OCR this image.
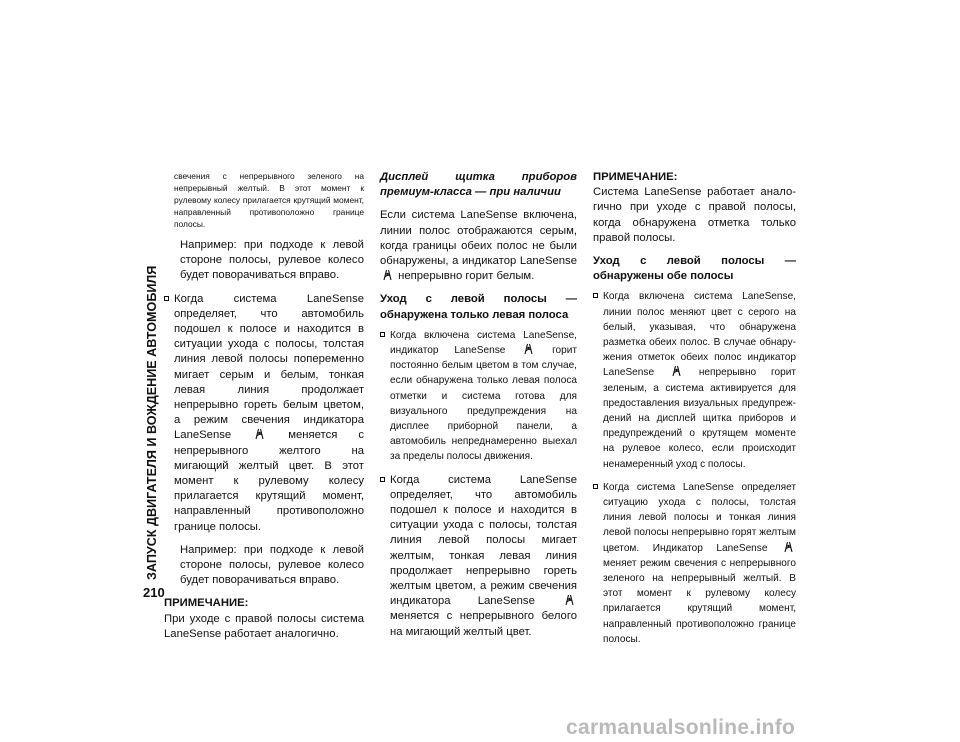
ЗАПУСК ДВИГАТЕЛЯ И ВОЖДЕНИЕ АВТОМОБИЛЯ
210

свечения с непрерывного зеленого на непрерывный желтый. В этот момент к рулевому колесу прилагается крутящий момент, направленный противоположно границе полосы.

Например: при подходе к левой стороне полосы, рулевое колесо будет поворачиваться вправо.

Когда система LaneSense определяет, что автомобиль подошел к полосе и находится в ситуации ухода с полосы, толстая линия левой полосы попеременно мигает серым и белым, тонкая левая линия продолжает непрерывно гореть белым цветом, а режим свечения индикатора LaneSense	меняется с непрерывного желтого на мигающий желтый цвет. В этот момент к рулевому колесу прилагается крутящий момент, направленный противоположно границе полосы.

Например: при подходе к левой стороне полосы, рулевое колесо будет поворачиваться вправо.

ПРИМЕЧАНИЕ:

При уходе с правой полосы система LaneSense работает аналогично.

Дисплей щитка приборов премиум-класса — при наличии

Если система LaneSense включена, линии полос отображаются серым, когда границы обеих полос не были обнаружены, а индикатор LaneSense
непрерывно горит белым.

Уход с левой полосы — обнаружена только левая полоса

Когда включена система LaneSense, индикатор LaneSense	горит постоянно белым цветом в том случае, если обнаружена только левая полоса отметки и система готова для визуального предупреждения на дисплее приборной панели, а автомобиль непреднамеренно выехал за пределы полосы движения.
Когда система LaneSense определяет, что автомобиль подошел к полосе и находится в ситуации ухода с полосы, толстая линия левой полосы мигает желтым, тонкая левая линия продолжает непрерывно гореть желтым цветом, а режим свечения индикатора LaneSense
меняется с непрерывного белого на мигающий желтый цвет.

ПРИМЕЧАНИЕ:

Система LaneSense работает аналогично при уходе с правой полосы, когда обнаружена отметка только правой полосы.

Уход с левой полосы — обнаружены обе полосы

Когда включена система LaneSense, линии полос меняют цвет с серого на белый, указывая, что обнаружена разметка обеих полос. В случае обнаружения отметок обеих полос индикатор LaneSense	непрерывно горит зеленым, а система активируется для предоставления визуальных предупреждений на дисплей щитка приборов и предупреждений о крутящем моменте на рулевое колесо, если происходит ненамеренный уход с полосы.
Когда система LaneSense определяет ситуацию ухода с полосы, толстая линия левой полосы и тонкая линия левой полосы непрерывно горят желтым цветом. Индикатор LaneSense
меняет режим свечения с непрерывного зеленого на непрерывный желтый. В этот момент к рулевому колесу прилагается крутящий момент, направленный противоположно границе полосы.
carmanualsonline.info
